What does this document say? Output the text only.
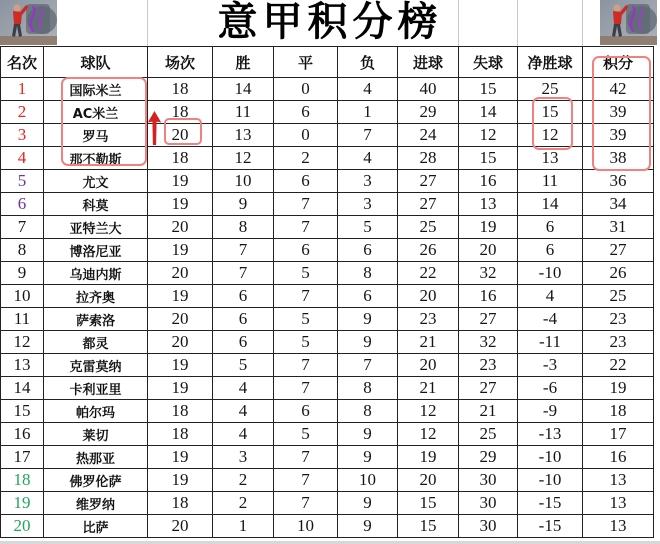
意甲积分榜
名次	球队	场次	胜	平	负	进球	失球	净胜球	积分
1	国际米兰	18	14	0	4	40	15	25	42
2	AC米兰	18	11	6	1	29	14	15	39
3	罗马	20	13	0	7	24	12	12	39
4	那不勒斯	18	12	2	4	28	15	13	38
5	尤文	19	10	6	3	27	16	11	36
6	科莫	19	9	7	3	27	13	14	34
7	亚特兰大	20	8	7	5	25	19	6	31
8	博洛尼亚	19	7	6	6	26	20	6	27
9	乌迪内斯	20	7	5	8	22	32	-10	26
10	拉齐奥	19	6	7	6	20	16	4	25
11	萨索洛	20	6	5	9	23	27	-4	23
12	都灵	20	6	5	9	21	32	-11	23
13	克雷莫纳	19	5	7	7	20	23	-3	22
14	卡利亚里	19	4	7	8	21	27	-6	19
15	帕尔玛	18	4	6	8	12	21	-9	18
16	莱切	18	4	5	9	12	25	-13	17
17	热那亚	19	3	7	9	19	29	-10	16
18	佛罗伦萨	19	2	7	10	20	30	-10	13
19	维罗纳	18	2	7	9	15	30	-15	13
20	比萨	20	1	10	9	15	30	-15	13
